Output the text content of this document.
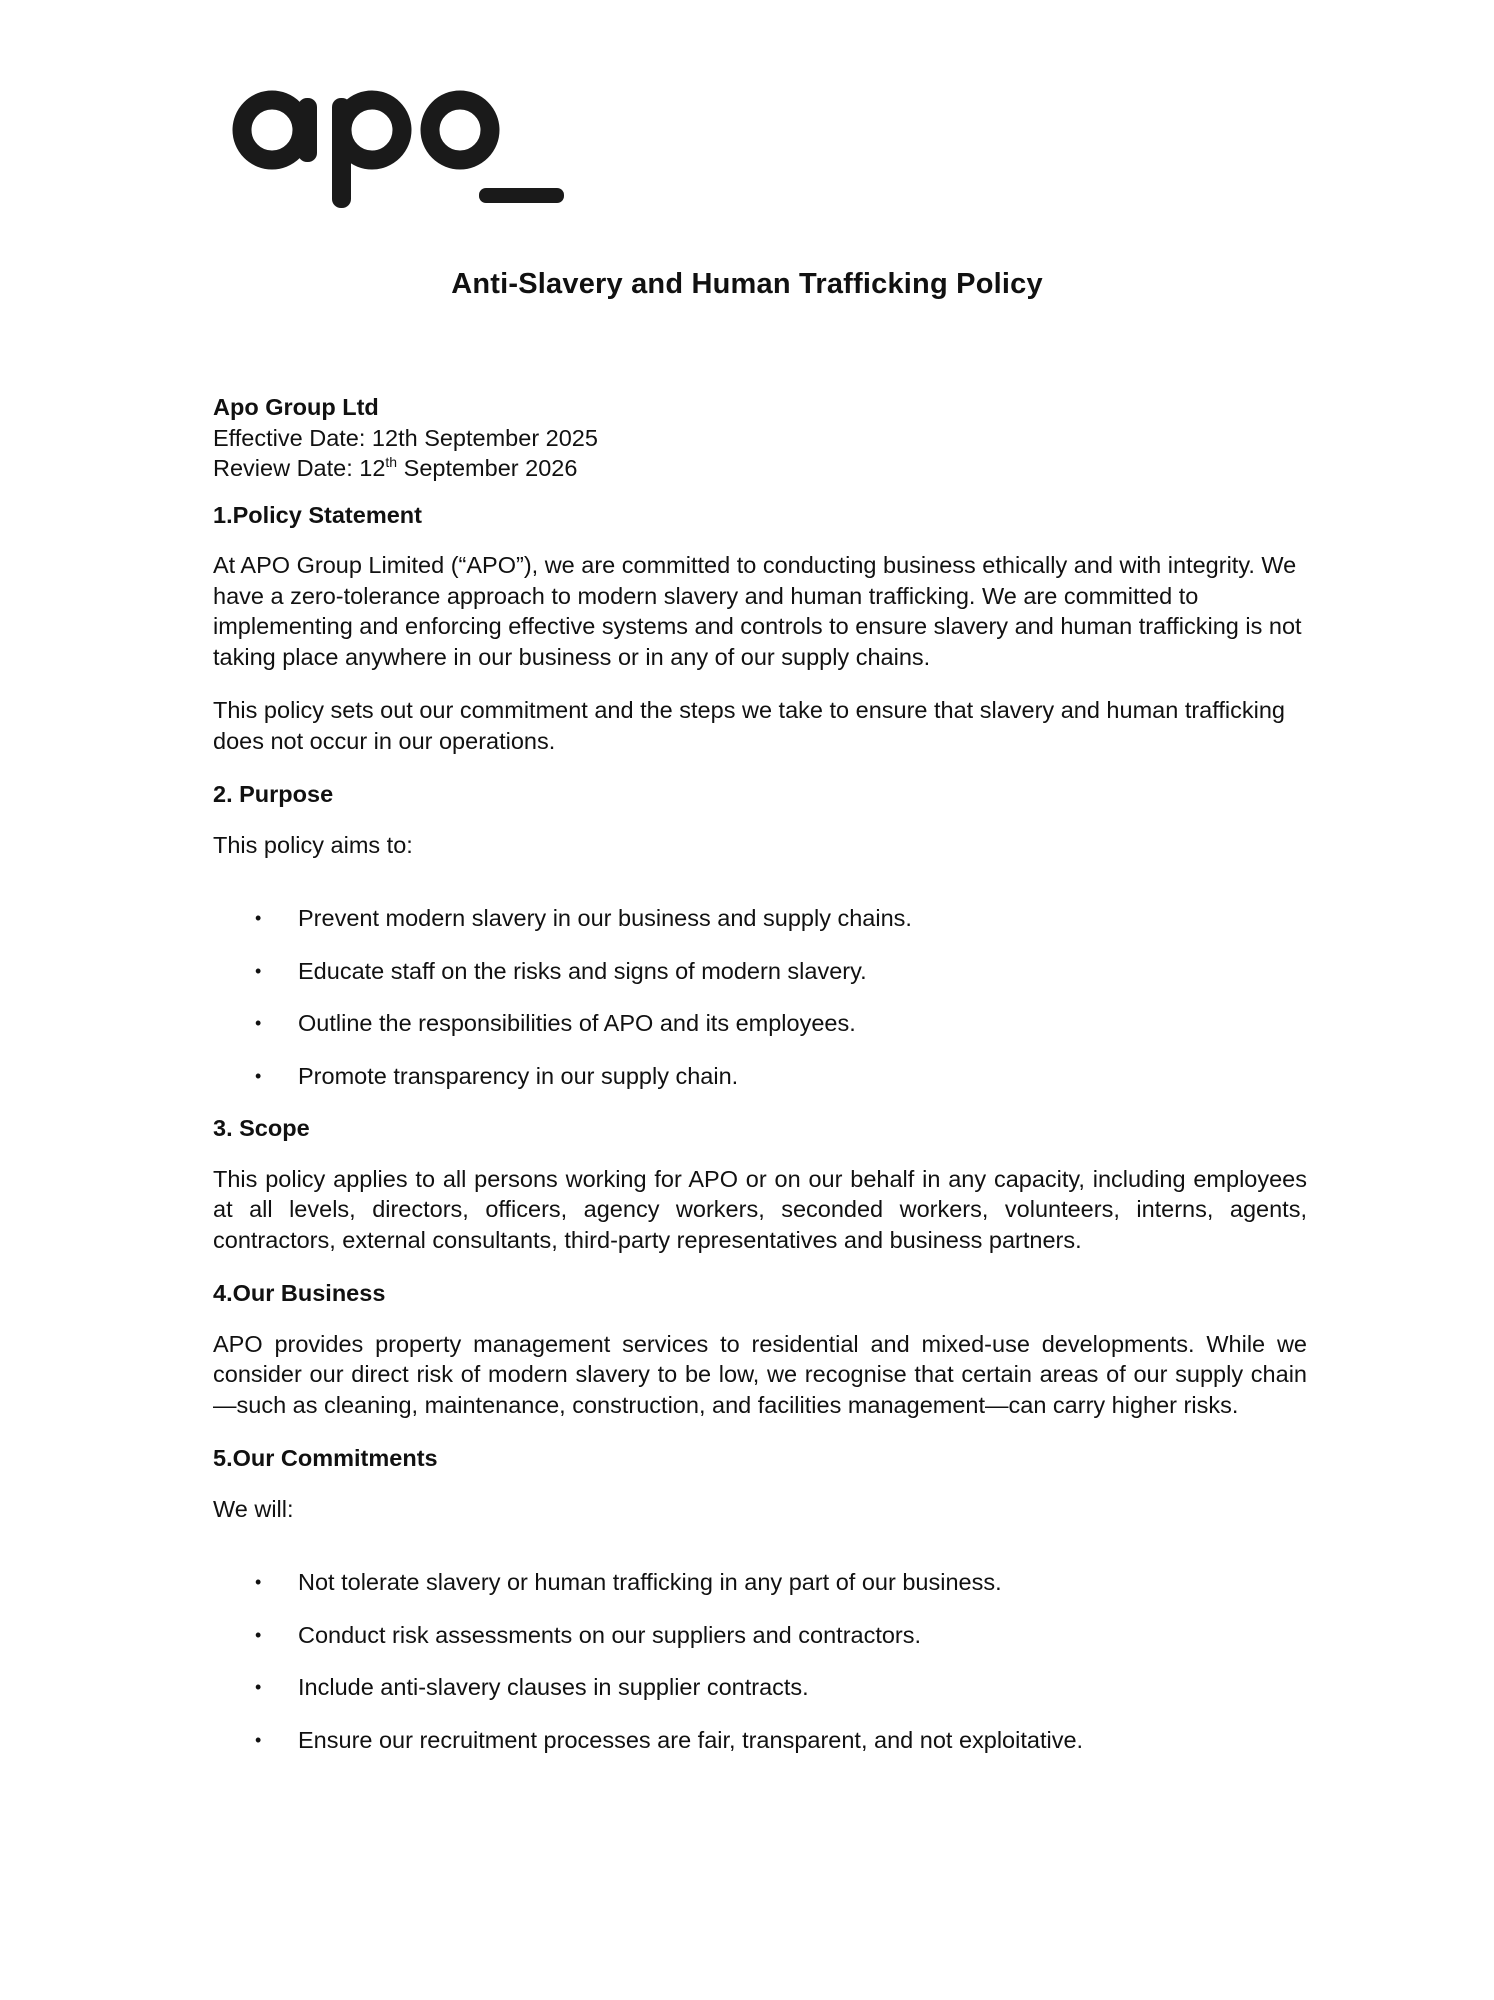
Anti-Slavery and Human Trafficking Policy
Apo Group Ltd
Effective Date: 12th September 2025
Review Date: 12th September 2026
1.Policy Statement

At APO Group Limited (“APO”), we are committed to conducting business ethically and with integrity. We have a zero-tolerance approach to modern slavery and human trafficking. We are committed to implementing and enforcing effective systems and controls to ensure slavery and human trafficking is not taking place anywhere in our business or in any of our supply chains.

This policy sets out our commitment and the steps we take to ensure that slavery and human trafficking does not occur in our operations.

2. Purpose

This policy aims to:

• Prevent modern slavery in our business and supply chains.
• Educate staff on the risks and signs of modern slavery.
• Outline the responsibilities of APO and its employees.
• Promote transparency in our supply chain.
3. Scope

This policy applies to all persons working for APO or on our behalf in any capacity, including employees at all levels, directors, officers, agency workers, seconded workers, volunteers, interns, agents, contractors, external consultants, third-party representatives and business partners.

4.Our Business

APO provides property management services to residential and mixed-use developments. While we consider our direct risk of modern slavery to be low, we recognise that certain areas of our supply chain—such as cleaning, maintenance, construction, and facilities management—can carry higher risks.

5.Our Commitments

We will:

• Not tolerate slavery or human trafficking in any part of our business.
• Conduct risk assessments on our suppliers and contractors.
• Include anti-slavery clauses in supplier contracts.
• Ensure our recruitment processes are fair, transparent, and not exploitative.
